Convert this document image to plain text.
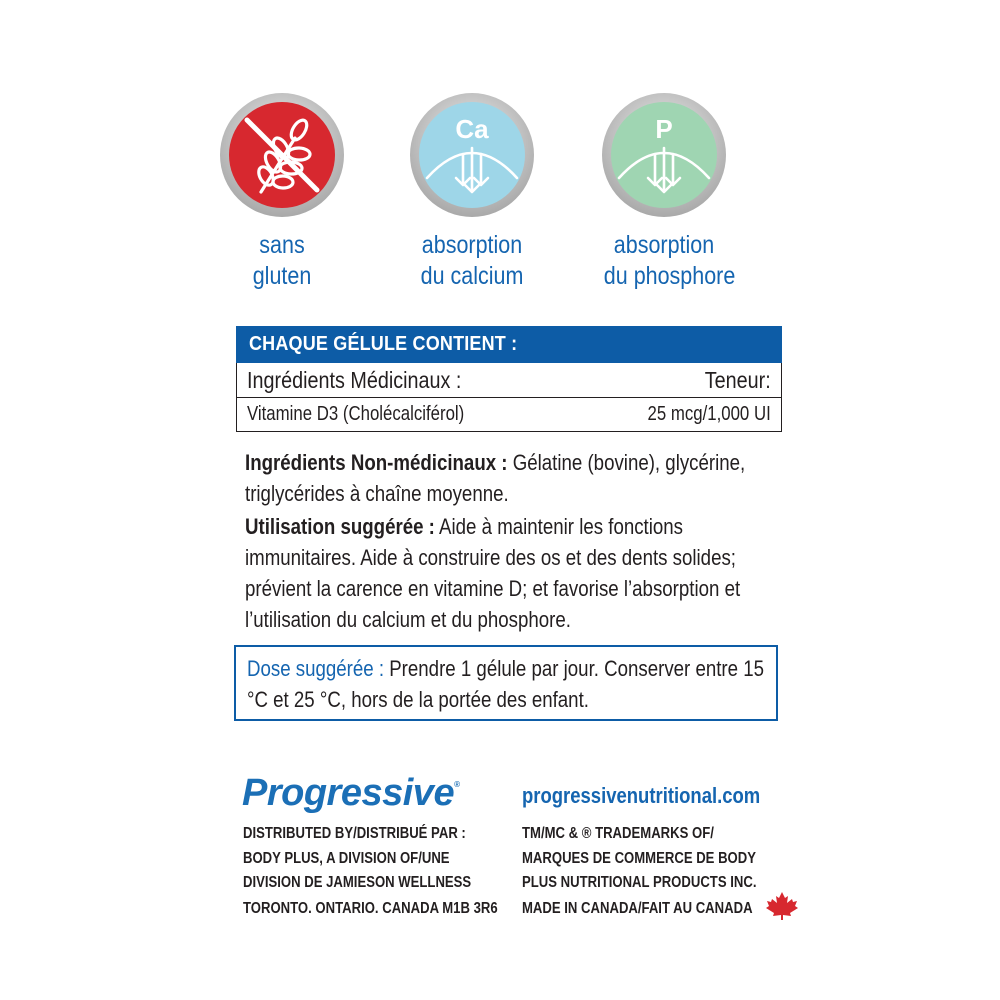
sans
gluten
Ca
absorption
du calcium
P
absorption
du phosphore
CHAQUE GÉLULE CONTIENT :
Ingrédients Médicinaux :	Teneur:
Vitamine D3 (Cholécalciférol)	25 mcg/1,000 UI

Ingrédients Non-médicinaux : Gélatine (bovine), glycérine, triglycérides à chaîne moyenne.

Utilisation suggérée : Aide à maintenir les fonctions immunitaires. Aide à construire des os et des dents solides; prévient la carence en vitamine D; et favorise l’absorption et l’utilisation du calcium et du phosphore.

Dose suggérée : Prendre 1 gélule par jour. Conserver entre 15 °C et 25 °C, hors de la portée des enfant.
Progressive®	progressivenutritional.com
DISTRIBUTED BY/DISTRIBUÉ PAR :
BODY PLUS, A DIVISION OF/UNE
DIVISION DE JAMIESON WELLNESS
TM/MC & ® TRADEMARKS OF/
MARQUES DE COMMERCE DE BODY
PLUS NUTRITIONAL PRODUCTS INC.
TORONTO. ONTARIO. CANADA M1B 3R6 MADE IN CANADA/FAIT AU CANADA
